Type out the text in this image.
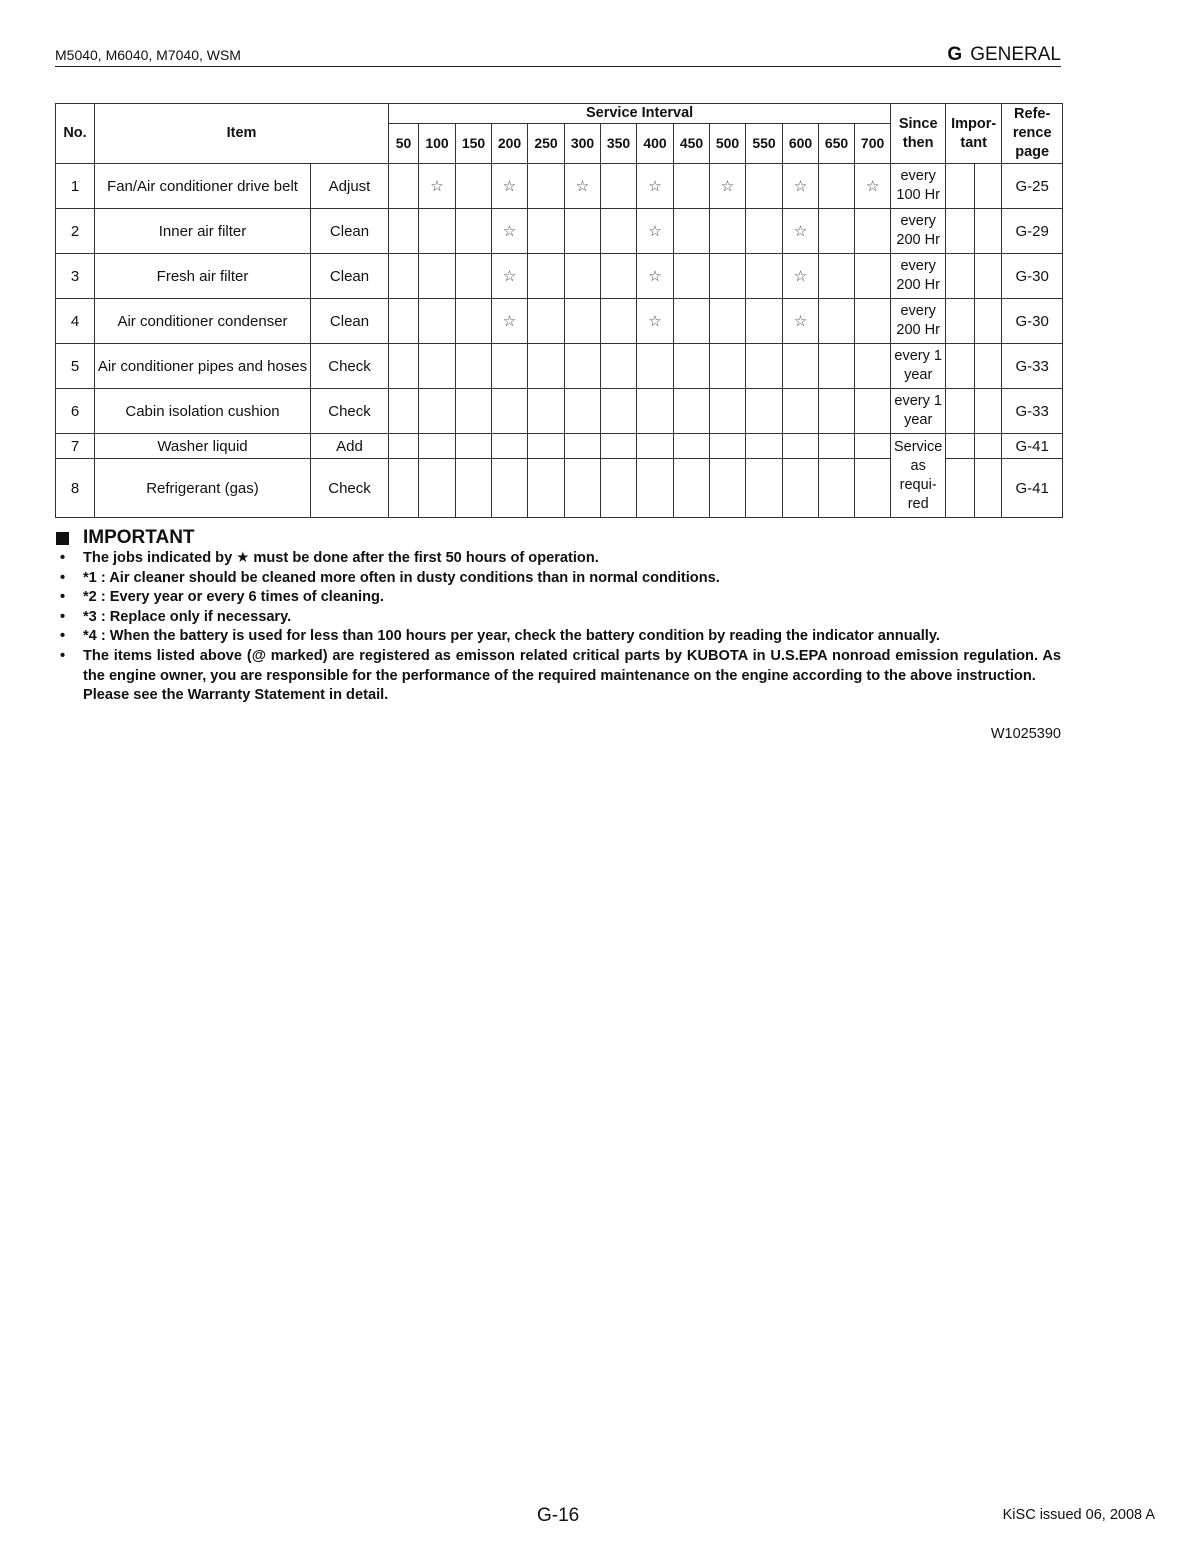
M5040, M6040, M7040, WSM	G GENERAL
No.	Item		Service Interval														Since then	Impor- tant		Refe- rence page
			50	100	150	200	250	300	350	400	450	500	550	600	650	700				
1	Fan/Air conditioner drive belt	Adjust		☆		☆		☆		☆		☆		☆		☆	every 100 Hr			G-25
2	Inner air filter	Clean				☆				☆				☆			every 200 Hr			G-29
3	Fresh air filter	Clean				☆				☆				☆			every 200 Hr			G-30
4	Air conditioner condenser	Clean				☆				☆				☆			every 200 Hr			G-30
5	Air conditioner pipes and hoses	Check															every 1 year			G-33
6	Cabin isolation cushion	Check															every 1 year			G-33
7	Washer liquid	Add															Service as requi- red			G-41
8	Refrigerant (gas)	Check																		G-41
IMPORTANT
• The jobs indicated by ★ must be done after the first 50 hours of operation.
• *1 : Air cleaner should be cleaned more often in dusty conditions than in normal conditions.
• *2 : Every year or every 6 times of cleaning.
• *3 : Replace only if necessary.
• *4 : When the battery is used for less than 100 hours per year, check the battery condition by reading the indicator annually.
• The items listed above (@ marked) are registered as emisson related critical parts by KUBOTA in U.S.EPA nonroad emission regulation. As the engine owner, you are responsible for the performance of the required maintenance on the engine according to the above instruction.
Please see the Warranty Statement in detail.
W1025390
G-16	KiSC issued 06, 2008 A
